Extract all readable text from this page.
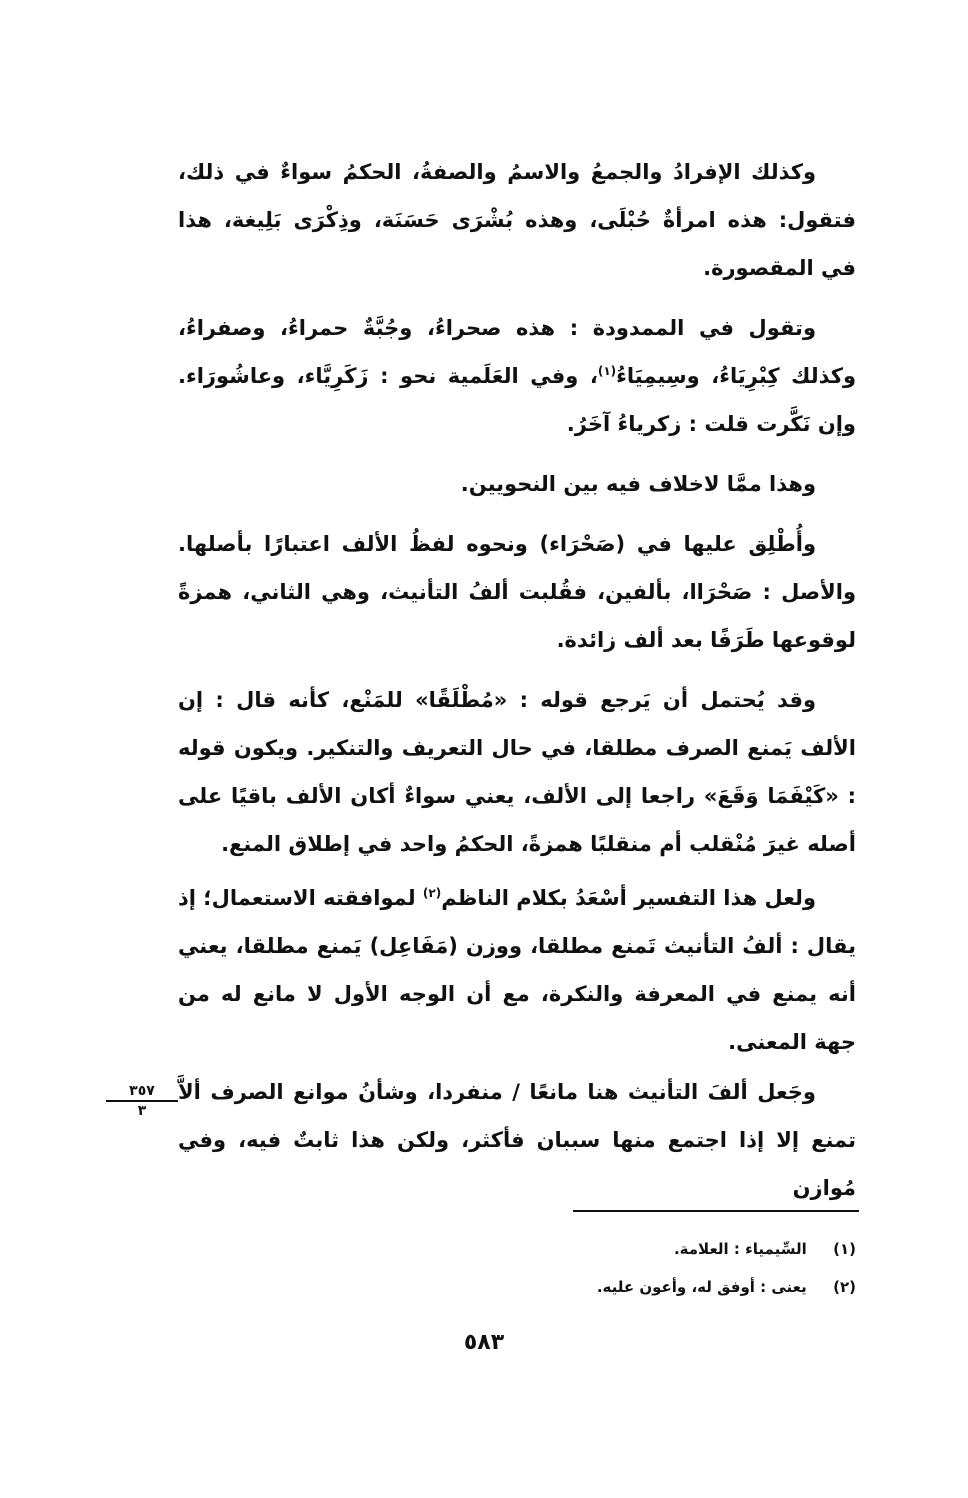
وكذلك الإفرادُ والجمعُ والاسمُ والصفةُ، الحكمُ سواءٌ في ذلك، فتقول: هذه امرأةٌ حُبْلَى، وهذه بُشْرَى حَسَنَة، وذِكْرَى بَلِيغة، هذا في المقصورة.

وتقول في الممدودة : هذه صحراءُ، وجُبَّةٌ حمراءُ، وصفراءُ، وكذلك كِبْرِيَاءُ، وسِيمِيَاءُ$^{(١)}$، وفي العَلَمية نحو : زَكَرِيَّاء، وعاشُورَاء. وإن نَكَّرت قلت : زكرياءُ آخَرُ.

وهذا ممَّا لاخلاف فيه بين النحويين.

وأُطْلِق عليها في (صَحْرَاء) ونحوه لفظُ الألف اعتبارًا بأصلها. والأصل : صَحْرَاا، بألفين، فقُلبت ألفُ التأنيث، وهي الثاني، همزةً لوقوعها طَرَفًا بعد ألف زائدة.

وقد يُحتمل أن يَرجع قوله : «مُطْلَقًا» للمَنْع، كأنه قال : إن الألف يَمنع الصرف مطلقا، في حال التعريف والتنكير. ويكون قوله : «كَيْفَمَا وَقَعَ» راجعا إلى الألف، يعني سواءٌ أكان الألف باقيًا على أصله غيرَ مُنْقلب أم منقلبًا همزةً، الحكمُ واحد في إطلاق المنع.

ولعل هذا التفسير أسْعَدُ بكلام الناظم$^{(٢)}$ لموافقته الاستعمال؛ إذ يقال : ألفُ التأنيث تَمنع مطلقا، ووزن (مَفَاعِل) يَمنع مطلقا، يعني أنه يمنع في المعرفة والنكرة، مع أن الوجه الأول لا مانع له من جهة المعنى.

وجَعل ألفَ التأنيث هنا مانعًا / منفردا، وشأنُ موانع الصرف ألاَّ تمنع إلا إذا اجتمع منها سببان فأكثر، ولكن هذا ثابتٌ فيه، وفي مُوازن

٣٥٧
٣
(١) السِّيمياء : العلامة.
(٢) يعنى : أوفق له، وأعون عليه.
٥٨٣
